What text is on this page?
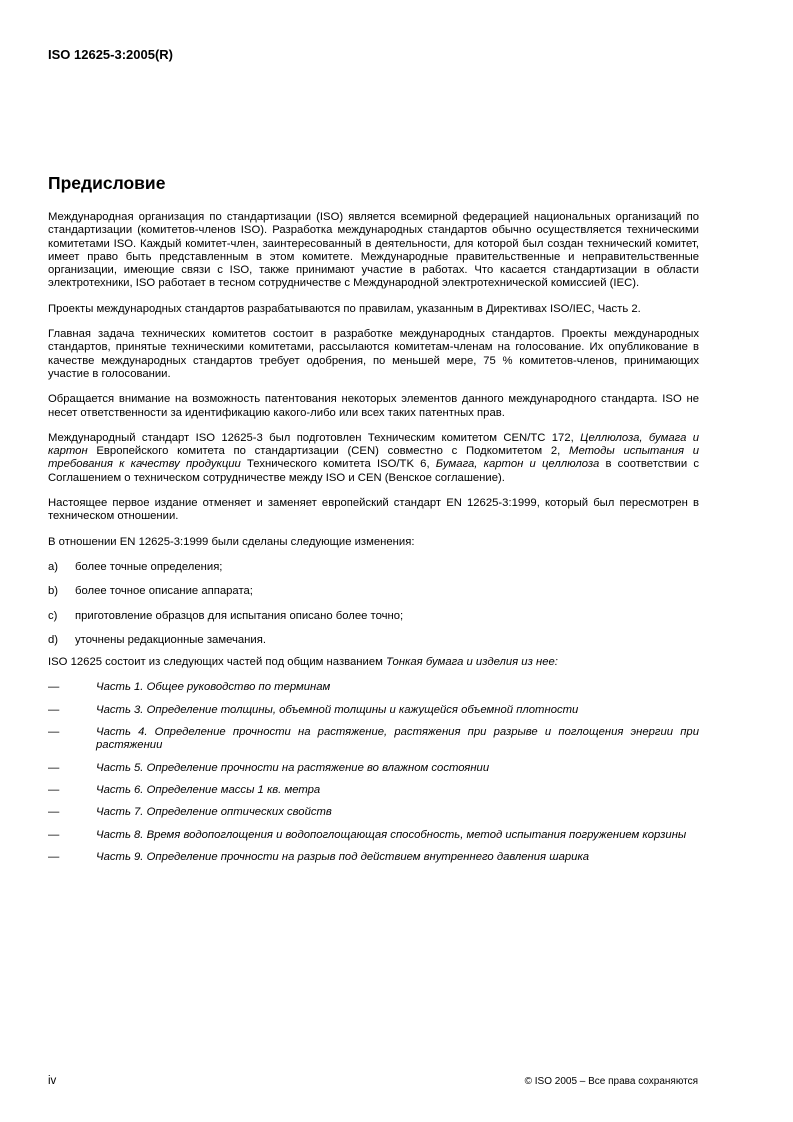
ISO 12625-3:2005(R)
Предисловие

Международная организация по стандартизации (ISO) является всемирной федерацией национальных организаций по стандартизации (комитетов-членов ISO). Разработка международных стандартов обычно осуществляется техническими комитетами ISO. Каждый комитет-член, заинтересованный в деятельности, для которой был создан технический комитет, имеет право быть представленным в этом комитете. Международные правительственные и неправительственные организации, имеющие связи с ISO, также принимают участие в работах. Что касается стандартизации в области электротехники, ISO работает в тесном сотрудничестве с Международной электротехнической комиссией (IEC).

Проекты международных стандартов разрабатываются по правилам, указанным в Директивах ISO/IEC, Часть 2.

Главная задача технических комитетов состоит в разработке международных стандартов. Проекты международных стандартов, принятые техническими комитетами, рассылаются комитетам-членам на голосование. Их опубликование в качестве международных стандартов требует одобрения, по меньшей мере, 75 % комитетов-членов, принимающих участие в голосовании.

Обращается внимание на возможность патентования некоторых элементов данного международного стандарта. ISO не несет ответственности за идентификацию какого-либо или всех таких патентных прав.

Международный стандарт ISO 12625-3 был подготовлен Техническим комитетом CEN/TC 172, Целлюлоза, бумага и картон Европейского комитета по стандартизации (CEN) совместно с Подкомитетом 2, Методы испытания и требования к качеству продукции Технического комитета ISO/TK 6, Бумага, картон и целлюлоза в соответствии с Соглашением о техническом сотрудничестве между ISO и CEN (Венское соглашение).

Настоящее первое издание отменяет и заменяет европейский стандарт EN 12625-3:1999, который был пересмотрен в техническом отношении.

В отношении EN 12625-3:1999 были сделаны следующие изменения:

a)	более точные определения;
b)	более точное описание аппарата;
c)	приготовление образцов для испытания описано более точно;
d)	уточнены редакционные замечания.

ISO 12625 состоит из следующих частей под общим названием Тонкая бумага и изделия из нее:

—	Часть 1. Общее руководство по терминам
—	Часть 3. Определение толщины, объемной толщины и кажущейся объемной плотности
—	Часть 4. Определение прочности на растяжение, растяжения при разрыве и поглощения энергии при растяжении
—	Часть 5. Определение прочности на растяжение во влажном состоянии
—	Часть 6. Определение массы 1 кв. метра
—	Часть 7. Определение оптических свойств
—	Часть 8. Время водопоглощения и водопоглощающая способность, метод испытания погружением корзины
—	Часть 9. Определение прочности на разрыв под действием внутреннего давления шарика
iv	© ISO 2005 – Все права сохраняются
